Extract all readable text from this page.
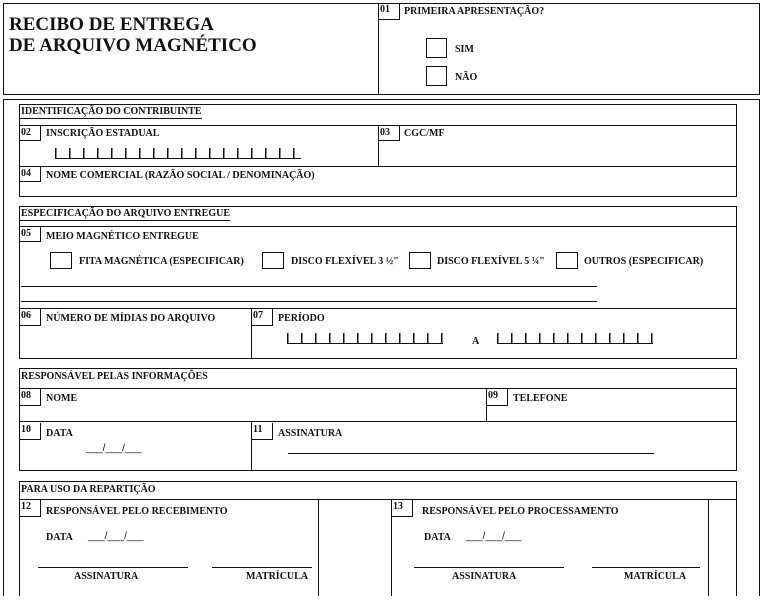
RECIBO DE ENTREGA
DE ARQUIVO MAGNÉTICO
01	PRIMEIRA APRESENTAÇÃO?
SIM
NÃO
IDENTIFICAÇÃO DO CONTRIBUINTE
02	INSCRIÇÃO ESTADUAL	03	CGC/MF
04	NOME COMERCIAL (RAZÃO SOCIAL / DENOMINAÇÃO)
ESPECIFICAÇÃO DO ARQUIVO ENTREGUE
05	MEIO MAGNÉTICO ENTREGUE
FITA MAGNÉTICA (ESPECIFICAR)	DISCO FLEXÍVEL 3 ½"	DISCO FLEXÍVEL 5 ¼"	OUTROS (ESPECIFICAR)
06	NÚMERO DE MÍDIAS DO ARQUIVO	07	PERÍODO
A
RESPONSÁVEL PELAS INFORMAÇÕES
08	NOME	09	TELEFONE
10	DATA
___/___/___
11	ASSINATURA
PARA USO DA REPARTIÇÃO
12	RESPONSÁVEL PELO RECEBIMENTO
DATA ___/___/___
ASSINATURA	MATRÍCULA
13	RESPONSÁVEL PELO PROCESSAMENTO
DATA ___/___/___
ASSINATURA	MATRÍCULA
